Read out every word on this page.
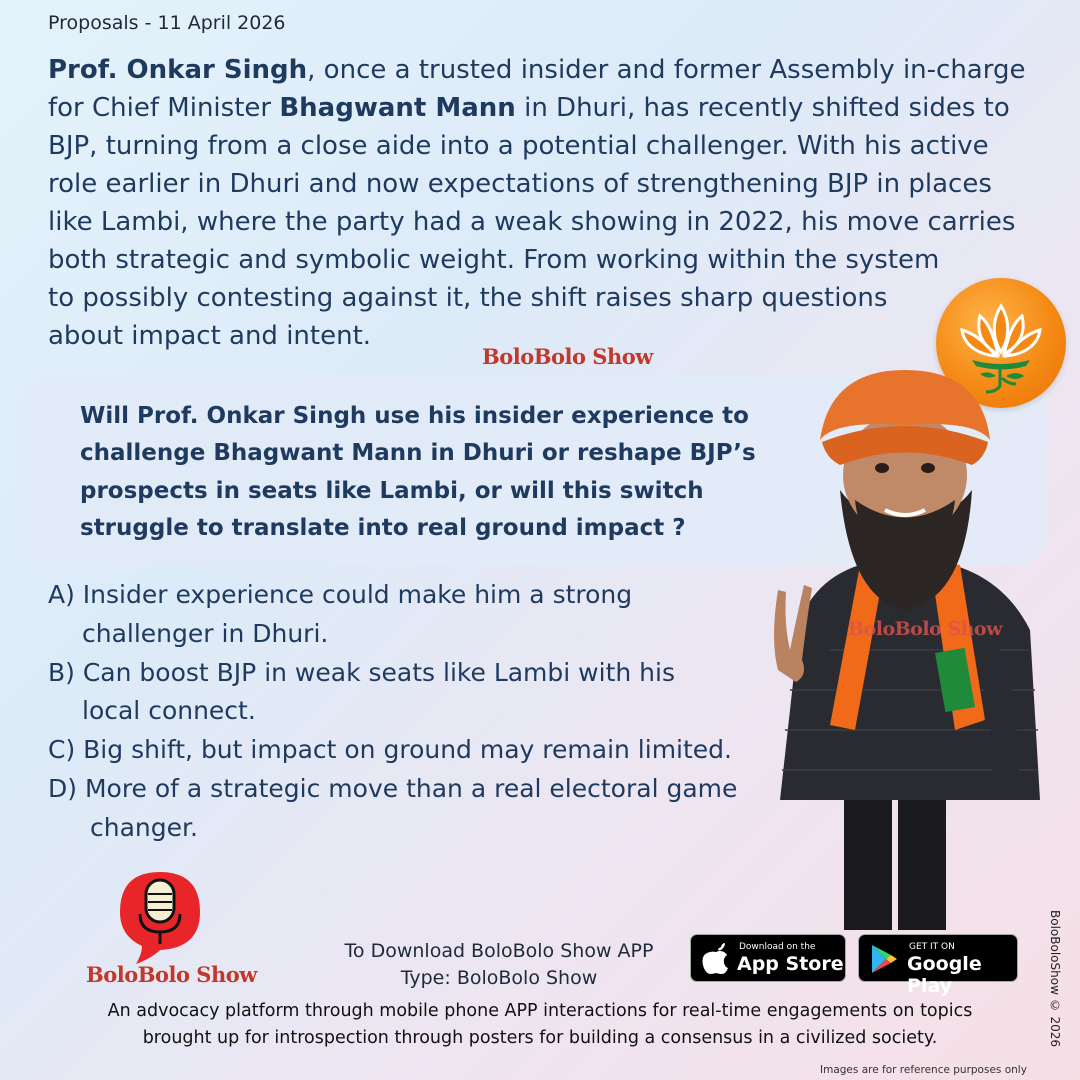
Proposals - 11 April 2026

Prof. Onkar Singh, once a trusted insider and former Assembly in-charge
for Chief Minister Bhagwant Mann in Dhuri, has recently shifted sides to
BJP, turning from a close aide into a potential challenger. With his active
role earlier in Dhuri and now expectations of strengthening BJP in places
like Lambi, where the party had a weak showing in 2022, his move carries
both strategic and symbolic weight. From working within the system
to possibly contesting against it, the shift raises sharp questions
about impact and intent.

BoloBolo Show

Will Prof. Onkar Singh use his insider experience to
challenge Bhagwant Mann in Dhuri or reshape BJP’s
prospects in seats like Lambi, or will this switch
struggle to translate into real ground impact ?

A) Insider experience could make him a strong
challenger in Dhuri.
B) Can boost BJP in weak seats like Lambi with his
local connect.
C) Big shift, but impact on ground may remain limited.
D) More of a strategic move than a real electoral game
changer.
BoloBolo Show
BoloBolo Show
To Download BoloBolo Show APP
Type: BoloBolo Show
Download on the
App Store
GET IT ON
Google Play
An advocacy platform through mobile phone APP interactions for real-time engagements on topics
brought up for introspection through posters for building a consensus in a civilized society.	BoloBoloShow © 2026
Images are for reference purposes only
